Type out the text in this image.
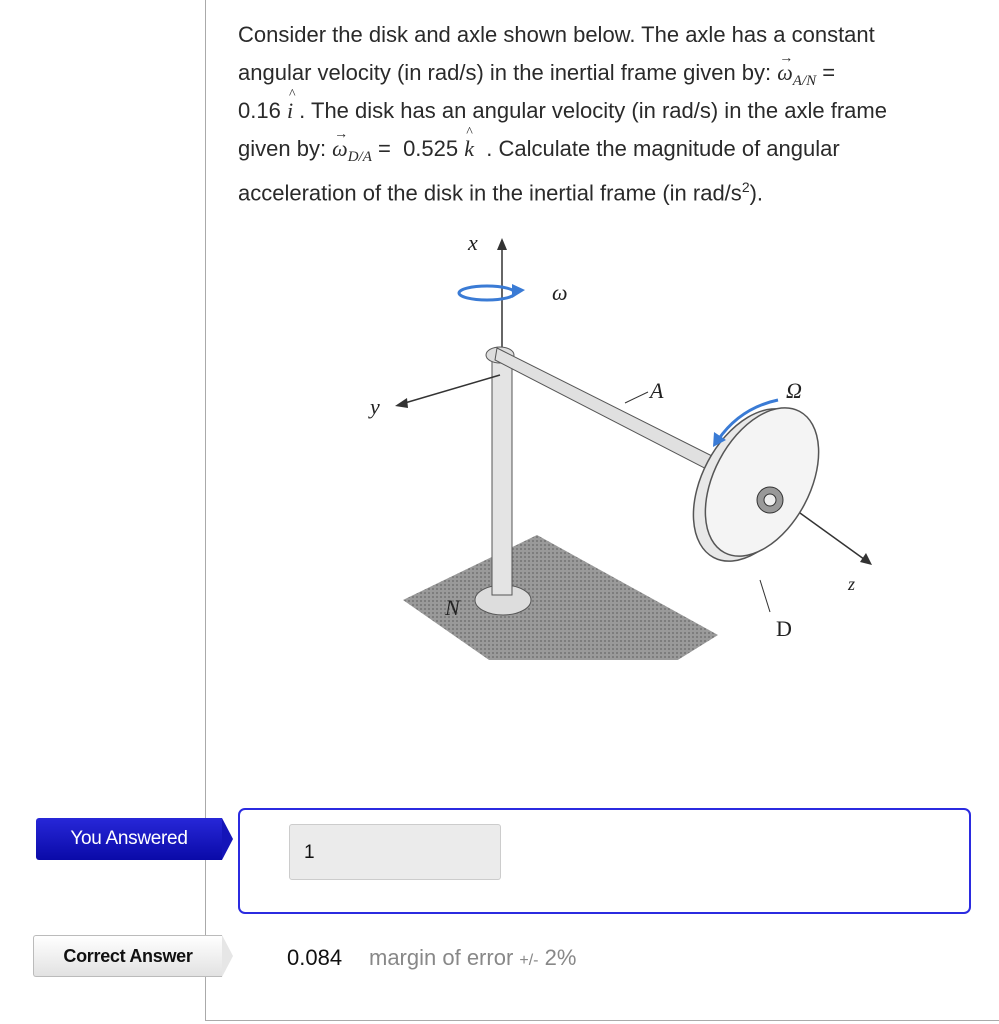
Consider the disk and axle shown below. The axle has a constant
angular velocity (in rad/s) in the inertial frame given by: → $\omega_{A/N}$ =
0.16 ^ i . The disk has an angular velocity (in rad/s) in the axle frame
given by: → $\omega_{D/A} = 0.525$ ^ k  . Calculate the magnitude of angular
acceleration of the disk in the inertial frame (in rad/$s^2$).
x
ω
y
A	Ω
z
N
D
You Answered
1
Correct Answer	0.084 margin of error +/- 2%
